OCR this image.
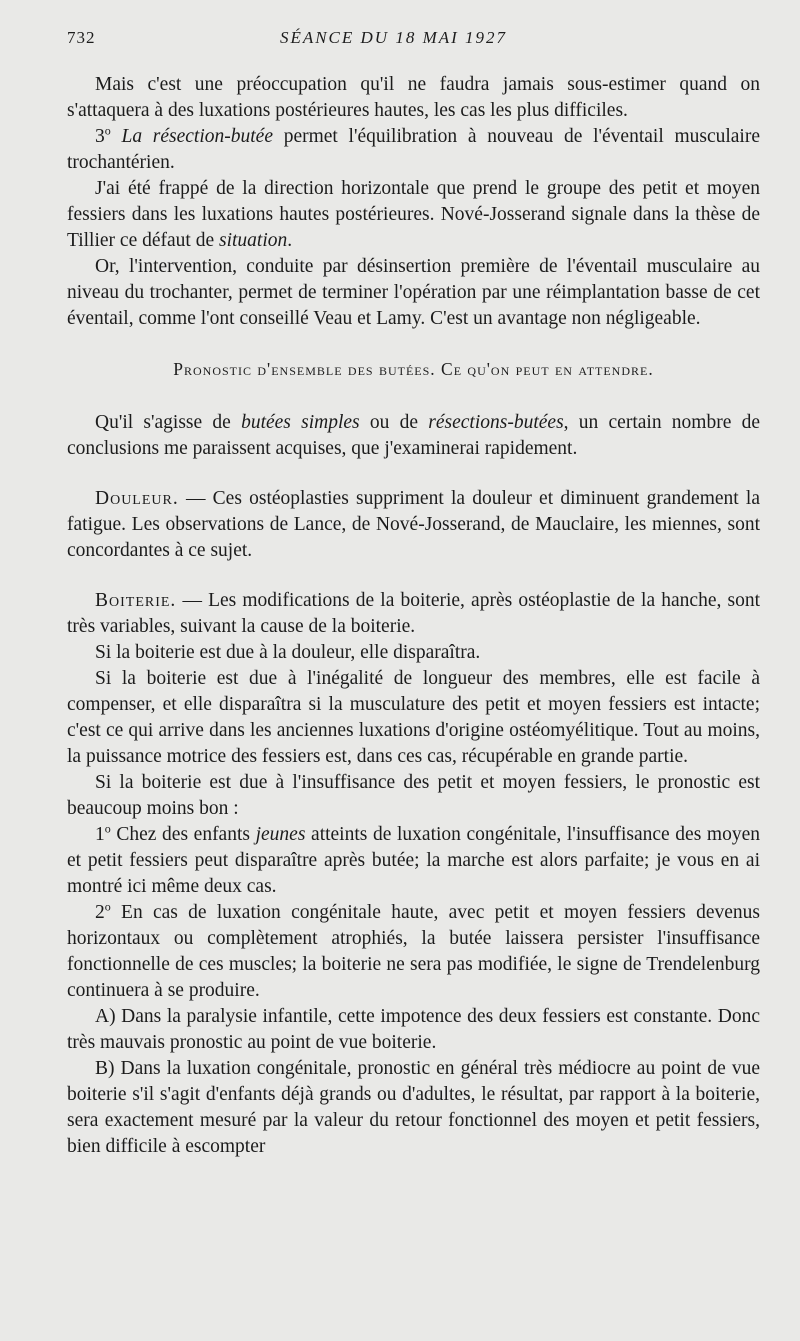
732	SÉANCE DU 18 MAI 1927

Mais c'est une préoccupation qu'il ne faudra jamais sous-estimer quand on s'attaquera à des luxations postérieures hautes, les cas les plus difficiles.

3$^o$ La résection-butée permet l'équilibration à nouveau de l'éventail musculaire trochantérien.

J'ai été frappé de la direction horizontale que prend le groupe des petit et moyen fessiers dans les luxations hautes postérieures. Nové-Josserand signale dans la thèse de Tillier ce défaut de situation.

Or, l'intervention, conduite par désinsertion première de l'éventail musculaire au niveau du trochanter, permet de terminer l'opération par une réimplantation basse de cet éventail, comme l'ont conseillé Veau et Lamy. C'est un avantage non négligeable.

Pronostic d'ensemble des butées. Ce qu'on peut en attendre.

Qu'il s'agisse de butées simples ou de résections-butées, un certain nombre de conclusions me paraissent acquises, que j'examinerai rapidement.

Douleur. — Ces ostéoplasties suppriment la douleur et diminuent grandement la fatigue. Les observations de Lance, de Nové-Josserand, de Mauclaire, les miennes, sont concordantes à ce sujet.

Boiterie. — Les modifications de la boiterie, après ostéoplastie de la hanche, sont très variables, suivant la cause de la boiterie.

Si la boiterie est due à la douleur, elle disparaîtra.

Si la boiterie est due à l'inégalité de longueur des membres, elle est facile à compenser, et elle disparaîtra si la musculature des petit et moyen fessiers est intacte; c'est ce qui arrive dans les anciennes luxations d'origine ostéomyélitique. Tout au moins, la puissance motrice des fessiers est, dans ces cas, récupérable en grande partie.

Si la boiterie est due à l'insuffisance des petit et moyen fessiers, le pronostic est beaucoup moins bon :

1$^o$ Chez des enfants jeunes atteints de luxation congénitale, l'insuffisance des moyen et petit fessiers peut disparaître après butée; la marche est alors parfaite; je vous en ai montré ici même deux cas.

2$^o$ En cas de luxation congénitale haute, avec petit et moyen fessiers devenus horizontaux ou complètement atrophiés, la butée laissera persister l'insuffisance fonctionnelle de ces muscles; la boiterie ne sera pas modifiée, le signe de Trendelenburg continuera à se produire.

A) Dans la paralysie infantile, cette impotence des deux fessiers est constante. Donc très mauvais pronostic au point de vue boiterie.

B) Dans la luxation congénitale, pronostic en général très médiocre au point de vue boiterie s'il s'agit d'enfants déjà grands ou d'adultes, le résultat, par rapport à la boiterie, sera exactement mesuré par la valeur du retour fonctionnel des moyen et petit fessiers, bien difficile à escompter
